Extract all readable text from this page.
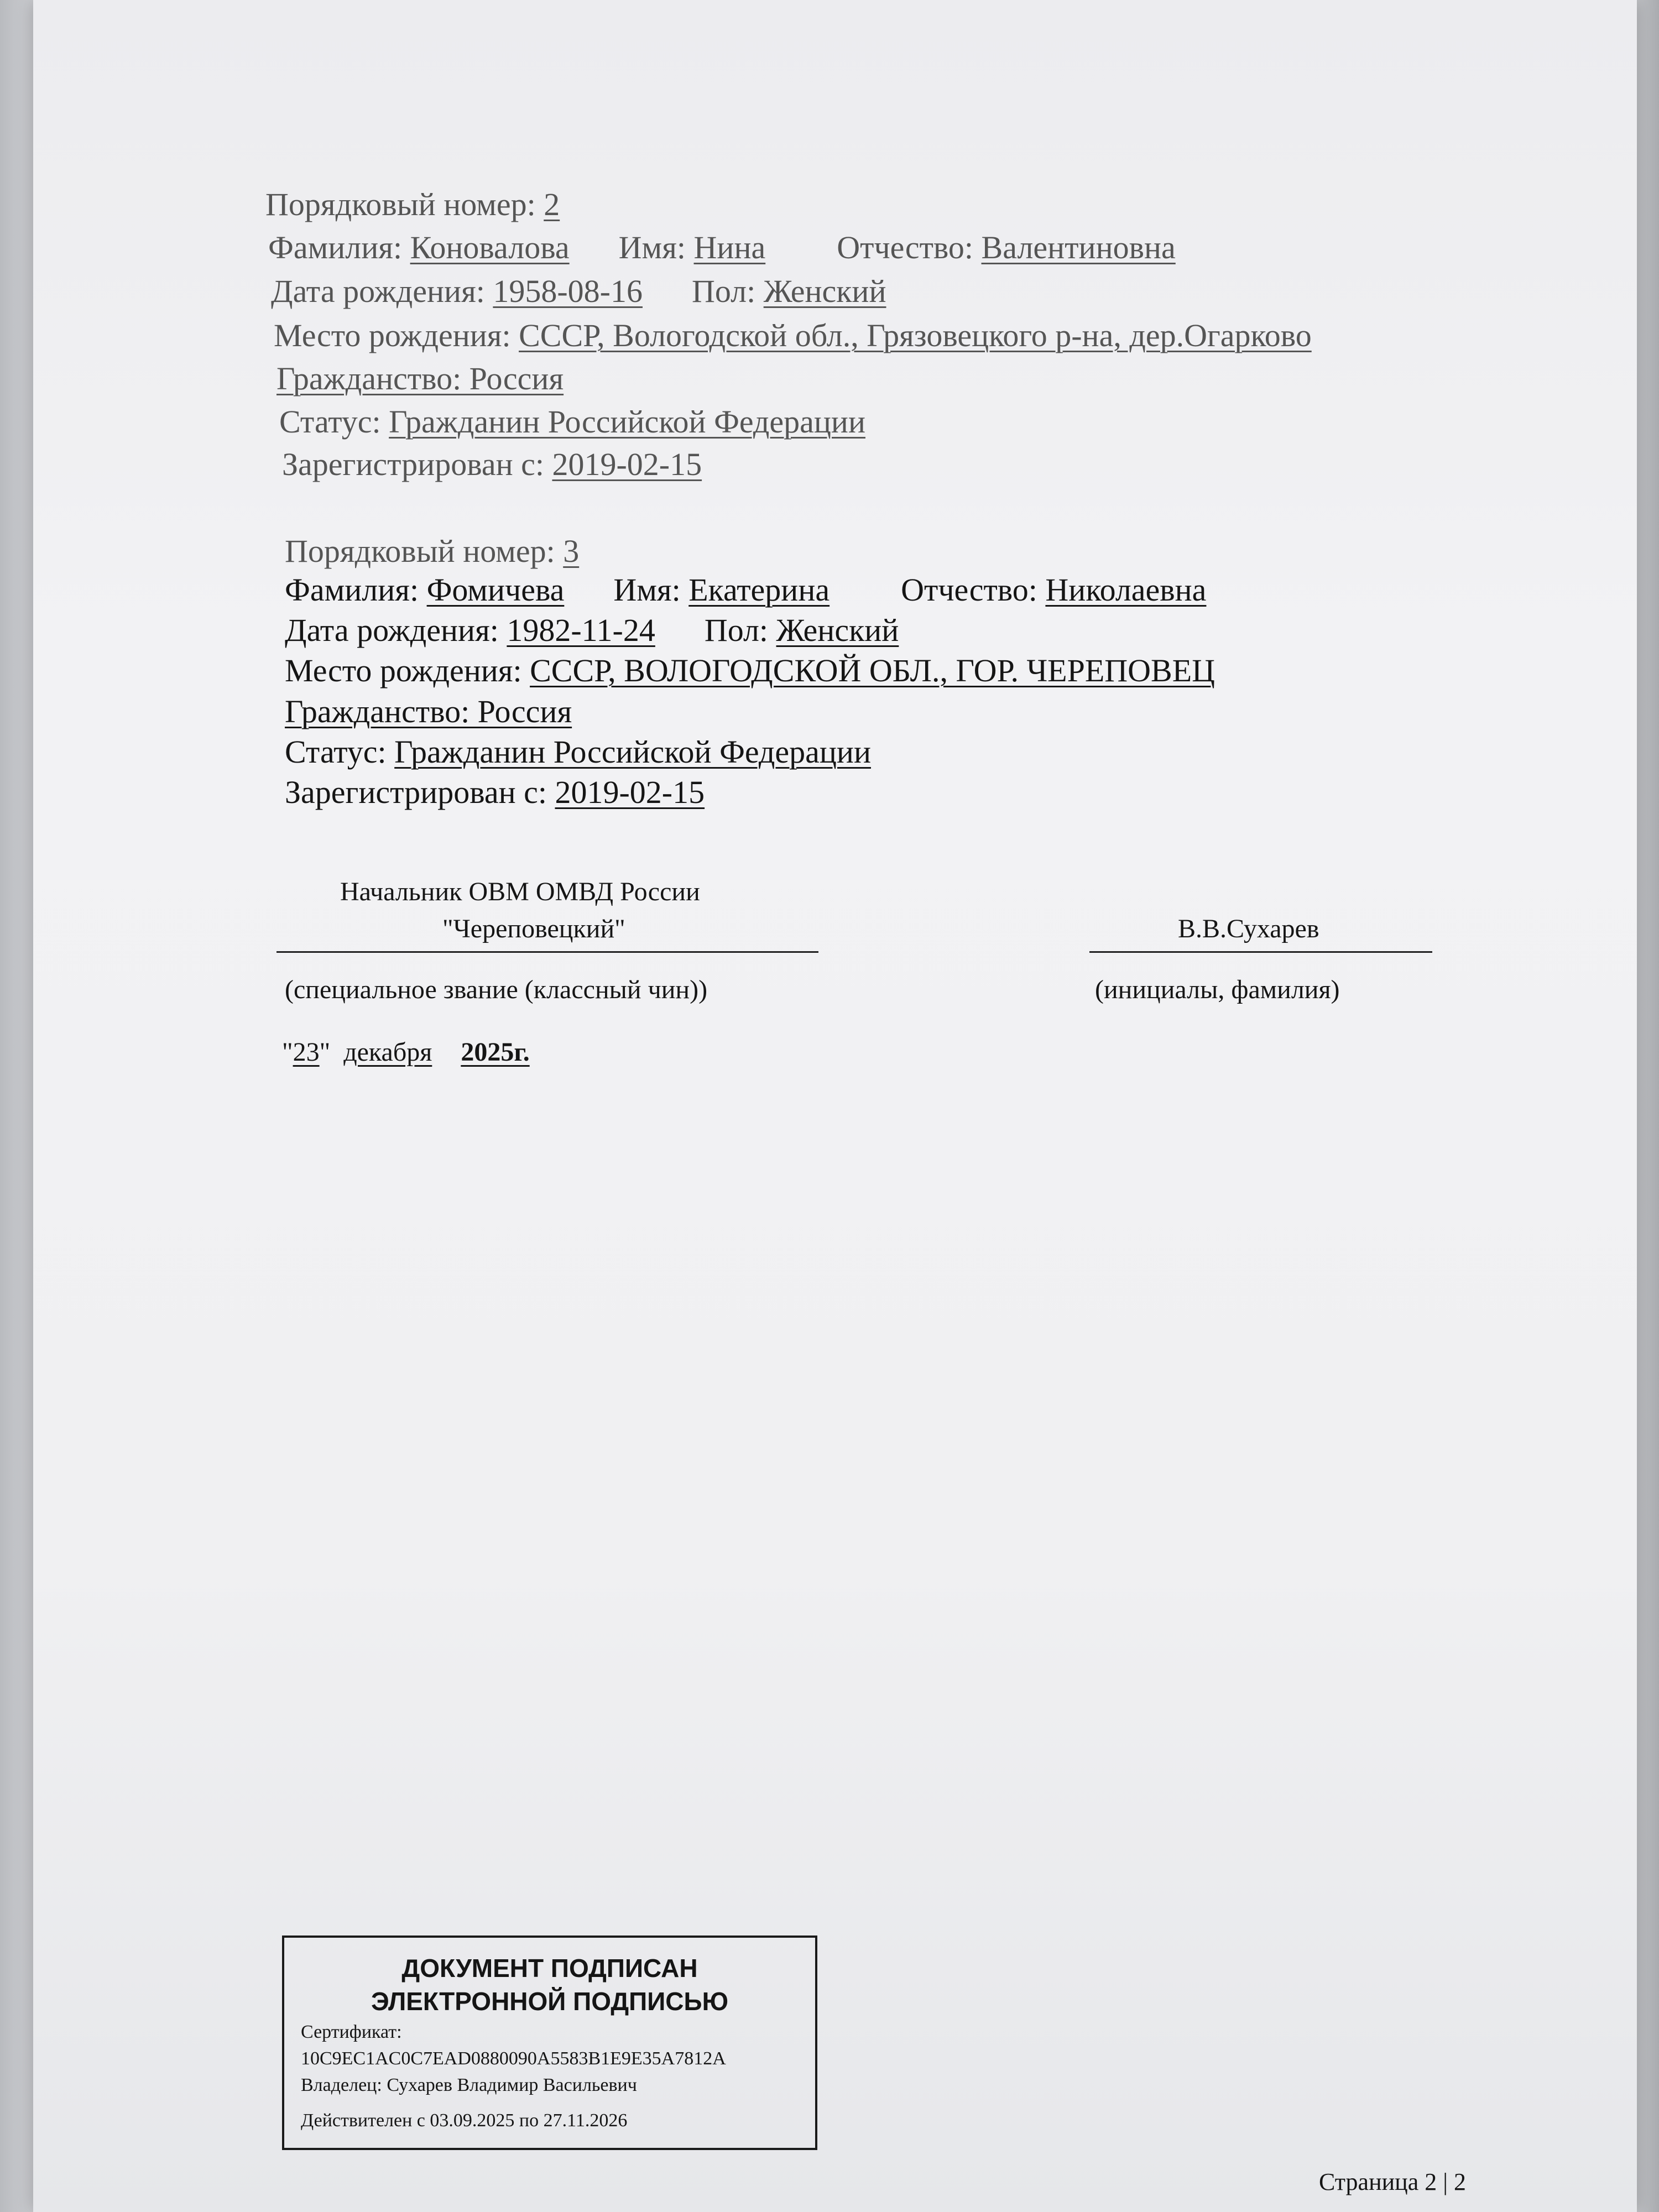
Порядковый номер: 2
Фамилия: Коновалова Имя: Нина Отчество: Валентиновна
Дата рождения: 1958-08-16 Пол: Женский
Место рождения: СССР, Вологодской обл., Грязовецкого р-на, дер.Огарково
Гражданство: Россия
Статус: Гражданин Российской Федерации
Зарегистрирован с: 2019-02-15
Порядковый номер: 3
Фамилия: Фомичева Имя: Екатерина Отчество: Николаевна
Дата рождения: 1982-11-24 Пол: Женский
Место рождения: СССР, ВОЛОГОДСКОЙ ОБЛ., ГОР. ЧЕРЕПОВЕЦ
Гражданство: Россия
Статус: Гражданин Российской Федерации
Зарегистрирован с: 2019-02-15
Начальник ОВМ ОМВД России
"Череповецкий"	В.В.Сухарев
(специальное звание (классный чин))	(инициалы, фамилия)
"23" декабря 2025г.
ДОКУМЕНТ ПОДПИСАН
ЭЛЕКТРОННОЙ ПОДПИСЬЮ
Сертификат:
10C9EC1AC0C7EAD0880090A5583B1E9E35A7812A
Владелец: Сухарев Владимир Васильевич
Действителен с 03.09.2025 по 27.11.2026
Страница 2 | 2
